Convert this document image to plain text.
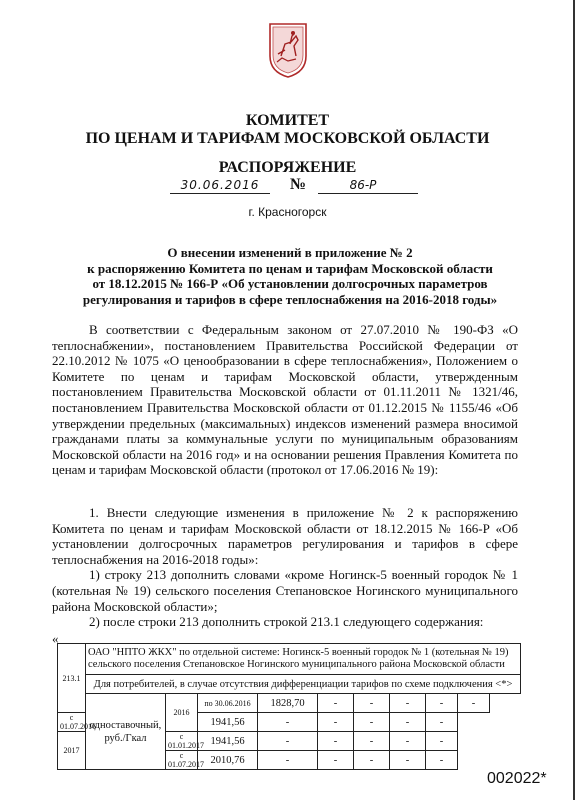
КОМИТЕТ
ПО ЦЕНАМ И ТАРИФАМ МОСКОВСКОЙ ОБЛАСТИ
РАСПОРЯЖЕНИЕ
30.06.2016	№	86-Р
г. Красногорск
О внесении изменений в приложение № 2
к распоряжению Комитета по ценам и тарифам Московской области
от 18.12.2015 № 166-Р «Об установлении долгосрочных параметров
регулирования и тарифов в сфере теплоснабжения на 2016-2018 годы»
В соответствии с Федеральным законом от 27.07.2010 № 190-ФЗ «О теплоснабжении», постановлением Правительства Российской Федерации от 22.10.2012 № 1075 «О ценообразовании в сфере теплоснабжения», Положением о Комитете по ценам и тарифам Московской области, утвержденным постановлением Правительства Московской области от 01.11.2011 № 1321/46, постановлением Правительства Московской области от 01.12.2015 № 1155/46 «Об утверждении предельных (максимальных) индексов изменений размера вносимой гражданами платы за коммунальные услуги по муниципальным образованиям Московской области на 2016 год» и на основании решения Правления Комитета по ценам и тарифам Московской области (протокол от 17.06.2016 № 19):
1. Внести следующие изменения в приложение № 2 к распоряжению Комитета по ценам и тарифам Московской области от 18.12.2015 № 166-Р «Об установлении долгосрочных параметров регулирования и тарифов в сфере теплоснабжения на 2016-2018 годы»:
1) строку 213 дополнить словами «кроме Ногинск-5 военный городок № 1 (котельная № 19) сельского поселения Степановское Ногинского муниципального района Московской области»;
2) после строки 213 дополнить строкой 213.1 следующего содержания:
«
213.1	ОАО "НПТО ЖКХ" по отдельной системе: Ногинск-5 военный городок № 1 (котельная № 19) сельского поселения Степановское Ногинского муниципального района Московской области								
	Для потребителей, в случае отсутствия дифференциации тарифов по схеме подключения <*>								
	одноставочный, руб./Гкал	2016	по 30.06.2016	1828,70	-	-	-	-	-
с 01.07.2016			1941,56	-	-	-	-	-	
2017		с 01.01.2017	1941,56	-	-	-	-	-	
		с 01.07.2017	2010,76	-	-	-	-	-	
002022*
